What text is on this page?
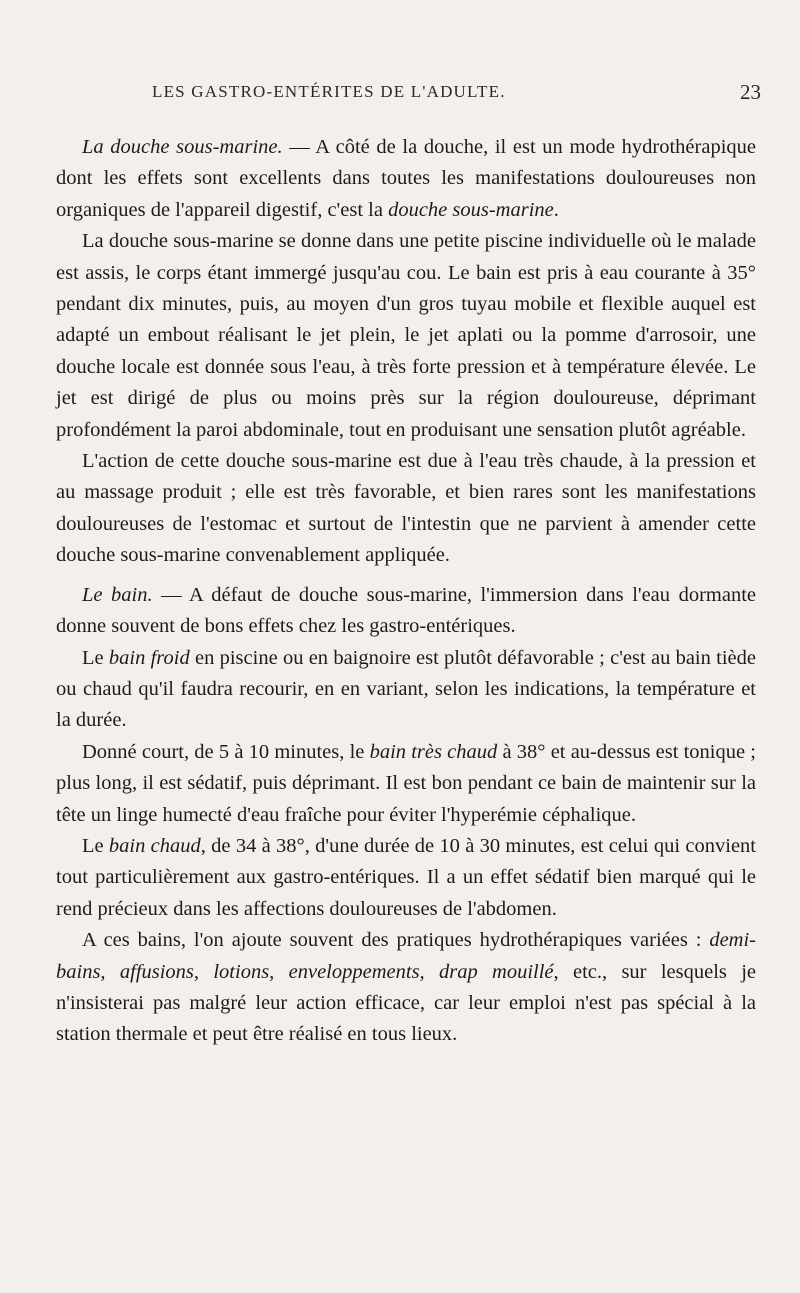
LES GASTRO-ENTÉRITES DE L'ADULTE.	23

La douche sous-marine. — A côté de la douche, il est un mode hydrothérapique dont les effets sont excellents dans toutes les manifestations douloureuses non organiques de l'appareil digestif, c'est la douche sous-marine.

La douche sous-marine se donne dans une petite piscine individuelle où le malade est assis, le corps étant immergé jusqu'au cou. Le bain est pris à eau courante à 35° pendant dix minutes, puis, au moyen d'un gros tuyau mobile et flexible auquel est adapté un embout réalisant le jet plein, le jet aplati ou la pomme d'arrosoir, une douche locale est donnée sous l'eau, à très forte pression et à température élevée. Le jet est dirigé de plus ou moins près sur la région douloureuse, déprimant profondément la paroi abdominale, tout en produisant une sensation plutôt agréable.

L'action de cette douche sous-marine est due à l'eau très chaude, à la pression et au massage produit ; elle est très favorable, et bien rares sont les manifestations douloureuses de l'estomac et surtout de l'intestin que ne parvient à amender cette douche sous-marine convenablement appliquée.

Le bain. — A défaut de douche sous-marine, l'immersion dans l'eau dormante donne souvent de bons effets chez les gastro-entériques.

Le bain froid en piscine ou en baignoire est plutôt défavorable ; c'est au bain tiède ou chaud qu'il faudra recourir, en en variant, selon les indications, la température et la durée.

Donné court, de 5 à 10 minutes, le bain très chaud à 38° et au-dessus est tonique ; plus long, il est sédatif, puis déprimant. Il est bon pendant ce bain de maintenir sur la tête un linge humecté d'eau fraîche pour éviter l'hyperémie céphalique.

Le bain chaud, de 34 à 38°, d'une durée de 10 à 30 minutes, est celui qui convient tout particulièrement aux gastro-entériques. Il a un effet sédatif bien marqué qui le rend précieux dans les affections douloureuses de l'abdomen.

A ces bains, l'on ajoute souvent des pratiques hydrothérapiques variées : demi-bains, affusions, lotions, enveloppements, drap mouillé, etc., sur lesquels je n'insisterai pas malgré leur action efficace, car leur emploi n'est pas spécial à la station thermale et peut être réalisé en tous lieux.
